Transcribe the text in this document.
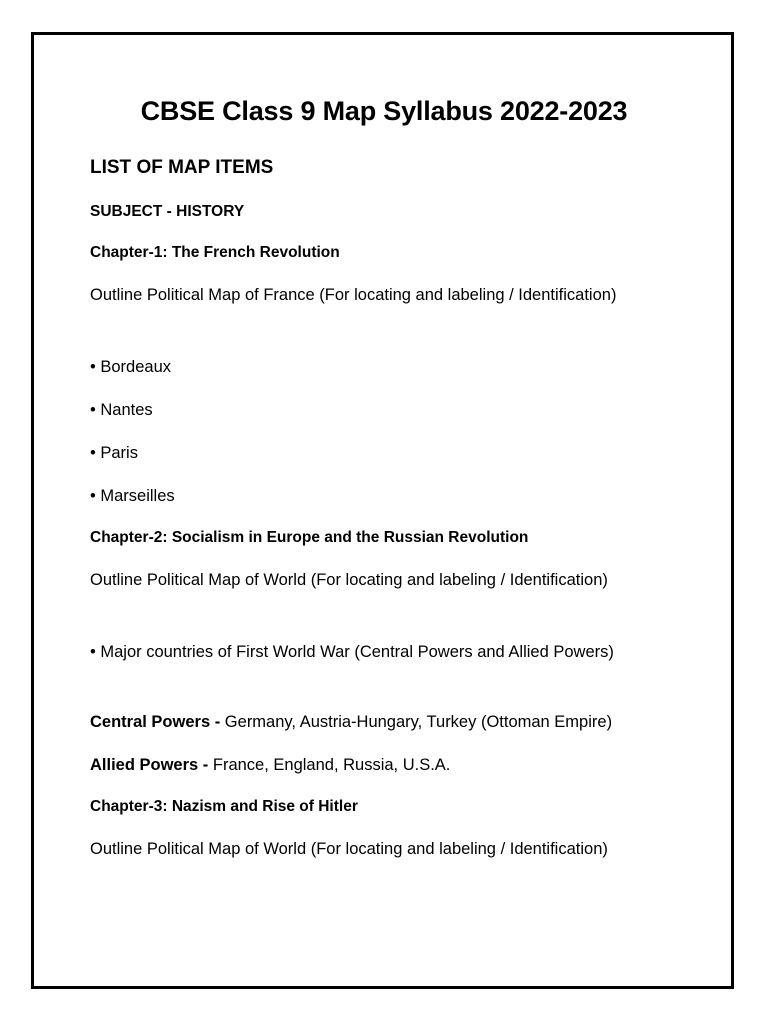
CBSE Class 9 Map Syllabus 2022-2023

LIST OF MAP ITEMS

SUBJECT - HISTORY

Chapter-1: The French Revolution

Outline Political Map of France (For locating and labeling / Identification)

• Bordeaux

• Nantes

• Paris

• Marseilles

Chapter-2: Socialism in Europe and the Russian Revolution

Outline Political Map of World (For locating and labeling / Identification)

• Major countries of First World War (Central Powers and Allied Powers)

Central Powers - Germany, Austria-Hungary, Turkey (Ottoman Empire)

Allied Powers - France, England, Russia, U.S.A.

Chapter-3: Nazism and Rise of Hitler

Outline Political Map of World (For locating and labeling / Identification)
